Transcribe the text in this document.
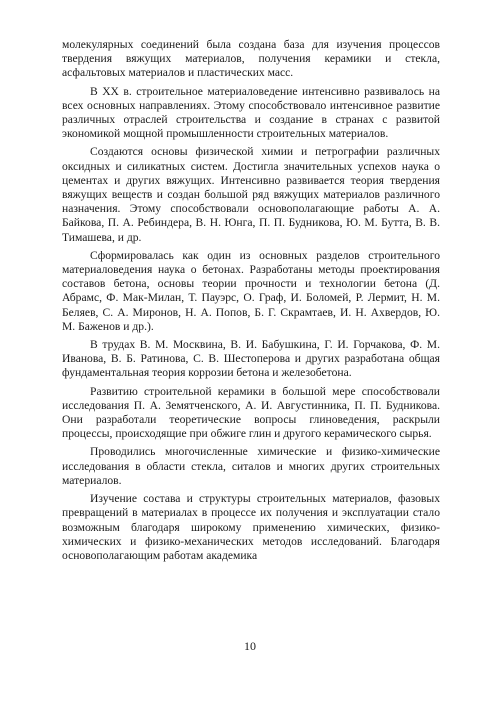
молекулярных соединений была создана база для изучения процессов твердения вяжущих материалов, получения керамики и стекла, асфальтовых материалов и пластических масс.

В XX в. строительное материаловедение интенсивно развивалось на всех основных направлениях. Этому способствовало интенсивное развитие различных отраслей строительства и создание в странах с развитой экономикой мощной промышленности строительных материалов.

Создаются основы физической химии и петрографии различных оксидных и силикатных систем. Достигла значительных успехов наука о цементах и других вяжущих. Интенсивно развивается теория твердения вяжущих веществ и создан большой ряд вяжущих материалов различного назначения. Этому способствовали основополагающие работы А. А. Байкова, П. А. Ребиндера, В. Н. Юнга, П. П. Будникова, Ю. М. Бутта, В. В. Тимашева, и др.

Сформировалась как один из основных разделов строительного материаловедения наука о бетонах. Разработаны методы проектирования составов бетона, основы теории прочности и технологии бетона (Д. Абрамс, Ф. Мак-Милан, Т. Пауэрс, О. Граф, И. Боломей, Р. Лермит, Н. М. Беляев, С. А. Миронов, Н. А. Попов, Б. Г. Скрамтаев, И. Н. Ахвердов, Ю. М. Баженов и др.).

В трудах В. М. Москвина, В. И. Бабушкина, Г. И. Горчакова, Ф. М. Иванова, В. Б. Ратинова, С. В. Шестоперова и других разработана общая фундаментальная теория коррозии бетона и железобетона.

Развитию строительной керамики в большой мере способствовали исследования П. А. Земятченского, А. И. Августинника, П. П. Будникова. Они разработали теоретические вопросы глиноведения, раскрыли процессы, происходящие при обжиге глин и другого керамического сырья.

Проводились многочисленные химические и физико-химические исследования в области стекла, ситалов и многих других строительных материалов.

Изучение состава и структуры строительных материалов, фазовых превращений в материалах в процессе их получения и эксплуатации стало возможным благодаря широкому применению химических, физико-химических и физико-механических методов исследований. Благодаря основополагающим работам академика

10
